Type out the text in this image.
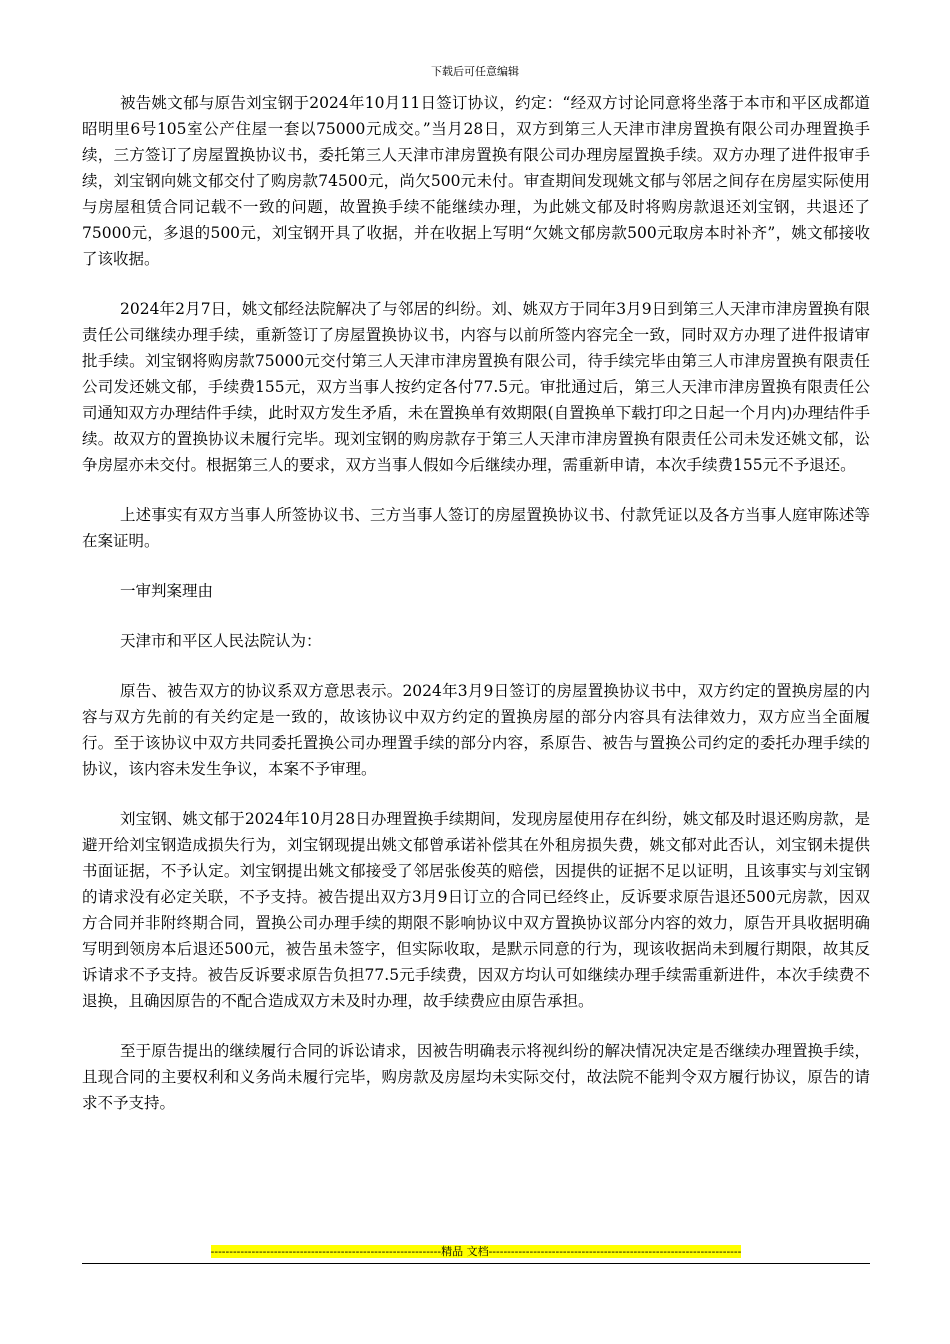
下载后可任意编辑

被告姚文郁与原告刘宝钢于2024年10月11日签订协议，约定：“经双方讨论同意将坐落于本市和平区成都道昭明里6号105室公产住屋一套以75000元成交。”当月28日，双方到第三人天津市津房置换有限公司办理置换手续，三方签订了房屋置换协议书，委托第三人天津市津房置换有限公司办理房屋置换手续。双方办理了进件报审手续，刘宝钢向姚文郁交付了购房款74500元，尚欠500元未付。审查期间发现姚文郁与邻居之间存在房屋实际使用与房屋租赁合同记载不一致的问题，故置换手续不能继续办理，为此姚文郁及时将购房款退还刘宝钢，共退还了75000元，多退的500元，刘宝钢开具了收据，并在收据上写明“欠姚文郁房款500元取房本时补齐”，姚文郁接收了该收据。

2024年2月7日，姚文郁经法院解决了与邻居的纠纷。刘、姚双方于同年3月9日到第三人天津市津房置换有限责任公司继续办理手续，重新签订了房屋置换协议书，内容与以前所签内容完全一致，同时双方办理了进件报请审批手续。刘宝钢将购房款75000元交付第三人天津市津房置换有限公司，待手续完毕由第三人市津房置换有限责任公司发还姚文郁，手续费155元，双方当事人按约定各付77.5元。审批通过后，第三人天津市津房置换有限责任公司通知双方办理结件手续，此时双方发生矛盾，未在置换单有效期限(自置换单下载打印之日起一个月内)办理结件手续。故双方的置换协议未履行完毕。现刘宝钢的购房款存于第三人天津市津房置换有限责任公司未发还姚文郁，讼争房屋亦未交付。根据第三人的要求，双方当事人假如今后继续办理，需重新申请，本次手续费155元不予退还。

上述事实有双方当事人所签协议书、三方当事人签订的房屋置换协议书、付款凭证以及各方当事人庭审陈述等在案证明。

一审判案理由

天津市和平区人民法院认为：

原告、被告双方的协议系双方意思表示。2024年3月9日签订的房屋置换协议书中，双方约定的置换房屋的内容与双方先前的有关约定是一致的，故该协议中双方约定的置换房屋的部分内容具有法律效力，双方应当全面履行。至于该协议中双方共同委托置换公司办理置手续的部分内容，系原告、被告与置换公司约定的委托办理手续的协议，该内容未发生争议，本案不予审理。

刘宝钢、姚文郁于2024年10月28日办理置换手续期间，发现房屋使用存在纠纷，姚文郁及时退还购房款，是避开给刘宝钢造成损失行为，刘宝钢现提出姚文郁曾承诺补偿其在外租房损失费，姚文郁对此否认，刘宝钢未提供书面证据，不予认定。刘宝钢提出姚文郁接受了邻居张俊英的赔偿，因提供的证据不足以证明，且该事实与刘宝钢的请求没有必定关联，不予支持。被告提出双方3月9日订立的合同已经终止，反诉要求原告退还500元房款，因双方合同并非附终期合同，置换公司办理手续的期限不影响协议中双方置换协议部分内容的效力，原告开具收据明确写明到领房本后退还500元，被告虽未签字，但实际收取，是默示同意的行为，现该收据尚未到履行期限，故其反诉请求不予支持。被告反诉要求原告负担77.5元手续费，因双方均认可如继续办理手续需重新进件，本次手续费不退换，且确因原告的不配合造成双方未及时办理，故手续费应由原告承担。

至于原告提出的继续履行合同的诉讼请求，因被告明确表示将视纠纷的解决情况决定是否继续办理置换手续，且现合同的主要权利和义务尚未履行完毕，购房款及房屋均未实际交付，故法院不能判令双方履行协议，原告的请求不予支持。

--------------------------------------------------------------精品 文档--------------------------------------------------------------------
